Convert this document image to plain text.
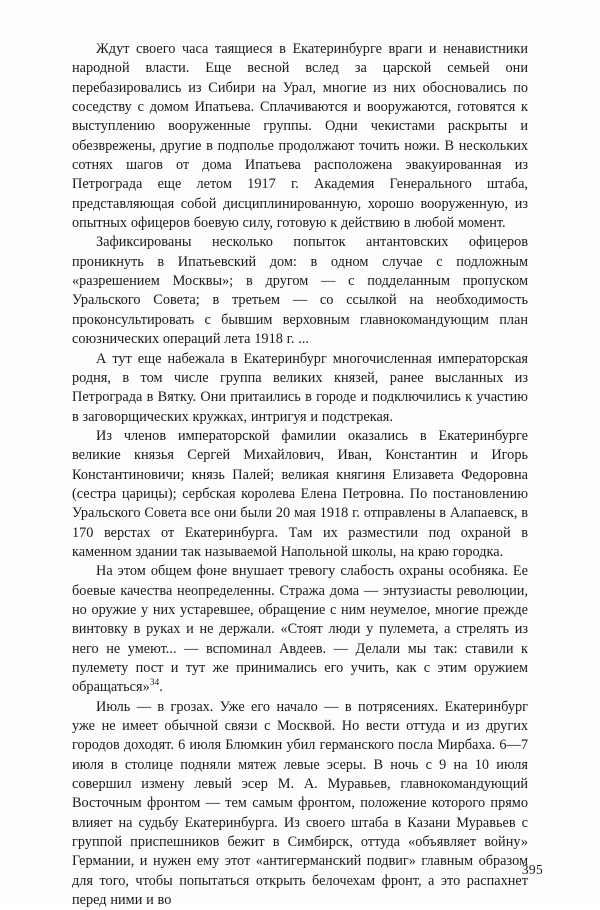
Ждут своего часа таящиеся в Екатеринбурге враги и ненавистники народной власти. Еще весной вслед за царской семьей они перебазировались из Сибири на Урал, многие из них обосновались по соседству с домом Ипатьева. Сплачиваются и вооружаются, готовятся к выступлению вооруженные группы. Одни чекистами раскрыты и обезврежены, другие в подполье продолжают точить ножи. В нескольких сотнях шагов от дома Ипатьева расположена эвакуированная из Петрограда еще летом 1917 г. Академия Генерального штаба, представляющая собой дисциплинированную, хорошо вооруженную, из опытных офицеров боевую силу, готовую к действию в любой момент.

Зафиксированы несколько попыток антантовских офицеров проникнуть в Ипатьевский дом: в одном случае с подложным «разрешением Москвы»; в другом — с подделанным пропуском Уральского Совета; в третьем — со ссылкой на необходимость проконсультировать с бывшим верховным главнокомандующим план союзнических операций лета 1918 г. ...

А тут еще набежала в Екатеринбург многочисленная императорская родня, в том числе группа великих князей, ранее высланных из Петрограда в Вятку. Они притаились в городе и подключились к участию в заговорщических кружках, интригуя и подстрекая.

Из членов императорской фамилии оказались в Екатеринбурге великие князья Сергей Михайлович, Иван, Константин и Игорь Константиновичи; князь Палей; великая княгиня Елизавета Федоровна (сестра царицы); сербская королева Елена Петровна. По постановлению Уральского Совета все они были 20 мая 1918 г. отправлены в Алапаевск, в 170 верстах от Екатеринбурга. Там их разместили под охраной в каменном здании так называемой Напольной школы, на краю городка.

На этом общем фоне внушает тревогу слабость охраны особняка. Ее боевые качества неопределенны. Стража дома — энтузиасты революции, но оружие у них устаревшее, обращение с ним неумелое, многие прежде винтовку в руках и не держали. «Стоят люди у пулемета, а стрелять из него не умеют... — вспоминал Авдеев. — Делали мы так: ставили к пулемету пост и тут же принимались его учить, как с этим оружием обращаться»$^{34}$.

Июль — в грозах. Уже его начало — в потрясениях. Екатеринбург уже не имеет обычной связи с Москвой. Но вести оттуда и из других городов доходят. 6 июля Блюмкин убил германского посла Мирбаха. 6—7 июля в столице подняли мятеж левые эсеры. В ночь с 9 на 10 июля совершил измену левый эсер М. А. Муравьев, главнокомандующий Восточным фронтом — тем самым фронтом, положение которого прямо влияет на судьбу Екатеринбурга. Из своего штаба в Казани Муравьев с группой приспешников бежит в Симбирск, оттуда «объявляет войну» Германии, и нужен ему этот «антигерманский подвиг» главным образом для того, чтобы попытаться открыть белочехам фронт, а это распахнет перед ними и во

395
